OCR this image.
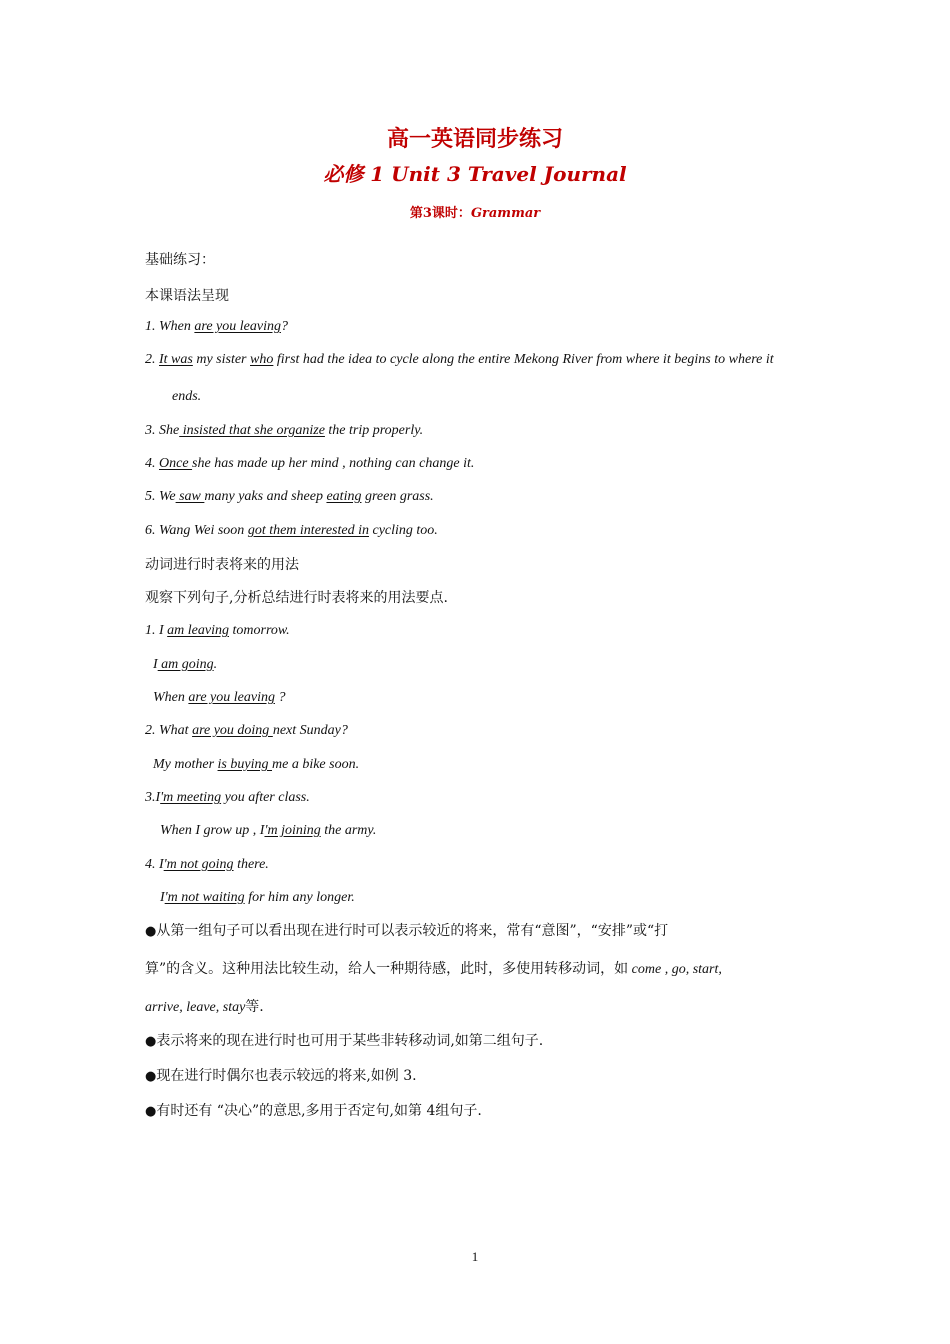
高一英语同步练习
必修 1 Unit 3 Travel Journal
第3课时：Grammar
基础练习：
本课语法呈现
1. When are you leaving?
2. It was my sister who first had the idea to cycle along the entire Mekong River from where it begins to where it
ends.
3. She insisted that she organize the trip properly.
4. Once she has made up her mind , nothing can change it.
5. We saw many yaks and sheep eating green grass.
6. Wang Wei soon got them interested in cycling too.
动词进行时表将来的用法
观察下列句子,分析总结进行时表将来的用法要点.
1. I am leaving tomorrow.
I am going.
When are you leaving ?
2. What are you doing next Sunday?
My mother is buying me a bike soon.
3.I'm meeting you after class.
When I grow up , I'm joining the army.
4. I'm not going there.
I'm not waiting for him any longer.
●从第一组句子可以看出现在进行时可以表示较近的将来，常有“意图”，“安排”或“打
算”的含义。这种用法比较生动，给人一种期待感，此时，多使用转移动词，如 come , go, start,
arrive, leave, stay等.
●表示将来的现在进行时也可用于某些非转移动词,如第二组句子.
●现在进行时偶尔也表示较远的将来,如例 3.
●有时还有 “决心”的意思,多用于否定句,如第 4组句子.
1
